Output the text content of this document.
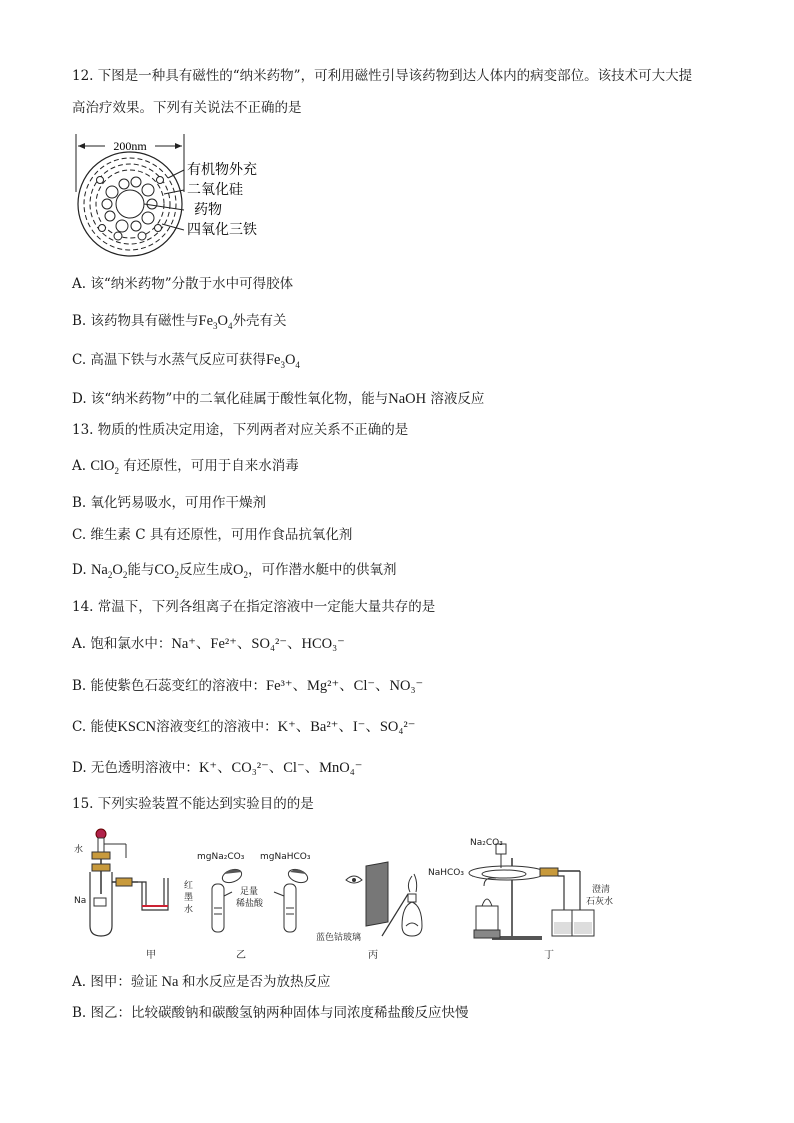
12. 下图是一种具有磁性的“纳米药物”，可利用磁性引导该药物到达人体内的病变部位。该技术可大大提
高治疗效果。下列有关说法不正确的是
200nm
有机物外充
二氧化硅
药物
四氧化三铁
A. 该“纳米药物”分散于水中可得胶体
B. 该药物具有磁性与$Fe_3O_4$外壳有关
C. 高温下铁与水蒸气反应可获得$Fe_3O_4$
D. 该“纳米药物”中的二氧化硅属于酸性氧化物，能与NaOH 溶液反应
13. 物质的性质决定用途，下列两者对应关系不正确的是
A. ClO$_2$ 有还原性，可用于自来水消毒
B. 氧化钙易吸水，可用作干燥剂
C. 维生素 C 具有还原性，可用作食品抗氧化剂
D. $Na_2O_2$能与$CO_2$反应生成$O_2$，可作潜水艇中的供氧剂
14. 常温下，下列各组离子在指定溶液中一定能大量共存的是
A. 饱和氯水中：Na⁺、Fe²⁺、SO₄²⁻、HCO₃⁻
B. 能使紫色石蕊变红的溶液中：Fe³⁺、Mg²⁺、Cl⁻、NO₃⁻
C. 能使KSCN溶液变红的溶液中：K⁺、Ba²⁺、I⁻、SO₄²⁻
D. 无色透明溶液中：K⁺、CO₃²⁻、Cl⁻、MnO₄⁻
15. 下列实验装置不能达到实验目的的是
水
Na
红
墨
水
甲
mgNa₂CO₃ mgNaHCO₃
足量
稀盐酸
乙
蓝色钴玻璃
丙
Na₂CO₃
NaHCO₃
澄清
石灰水
丁
A. 图甲：验证 Na 和水反应是否为放热反应
B. 图乙：比较碳酸钠和碳酸氢钠两种固体与同浓度稀盐酸反应快慢
